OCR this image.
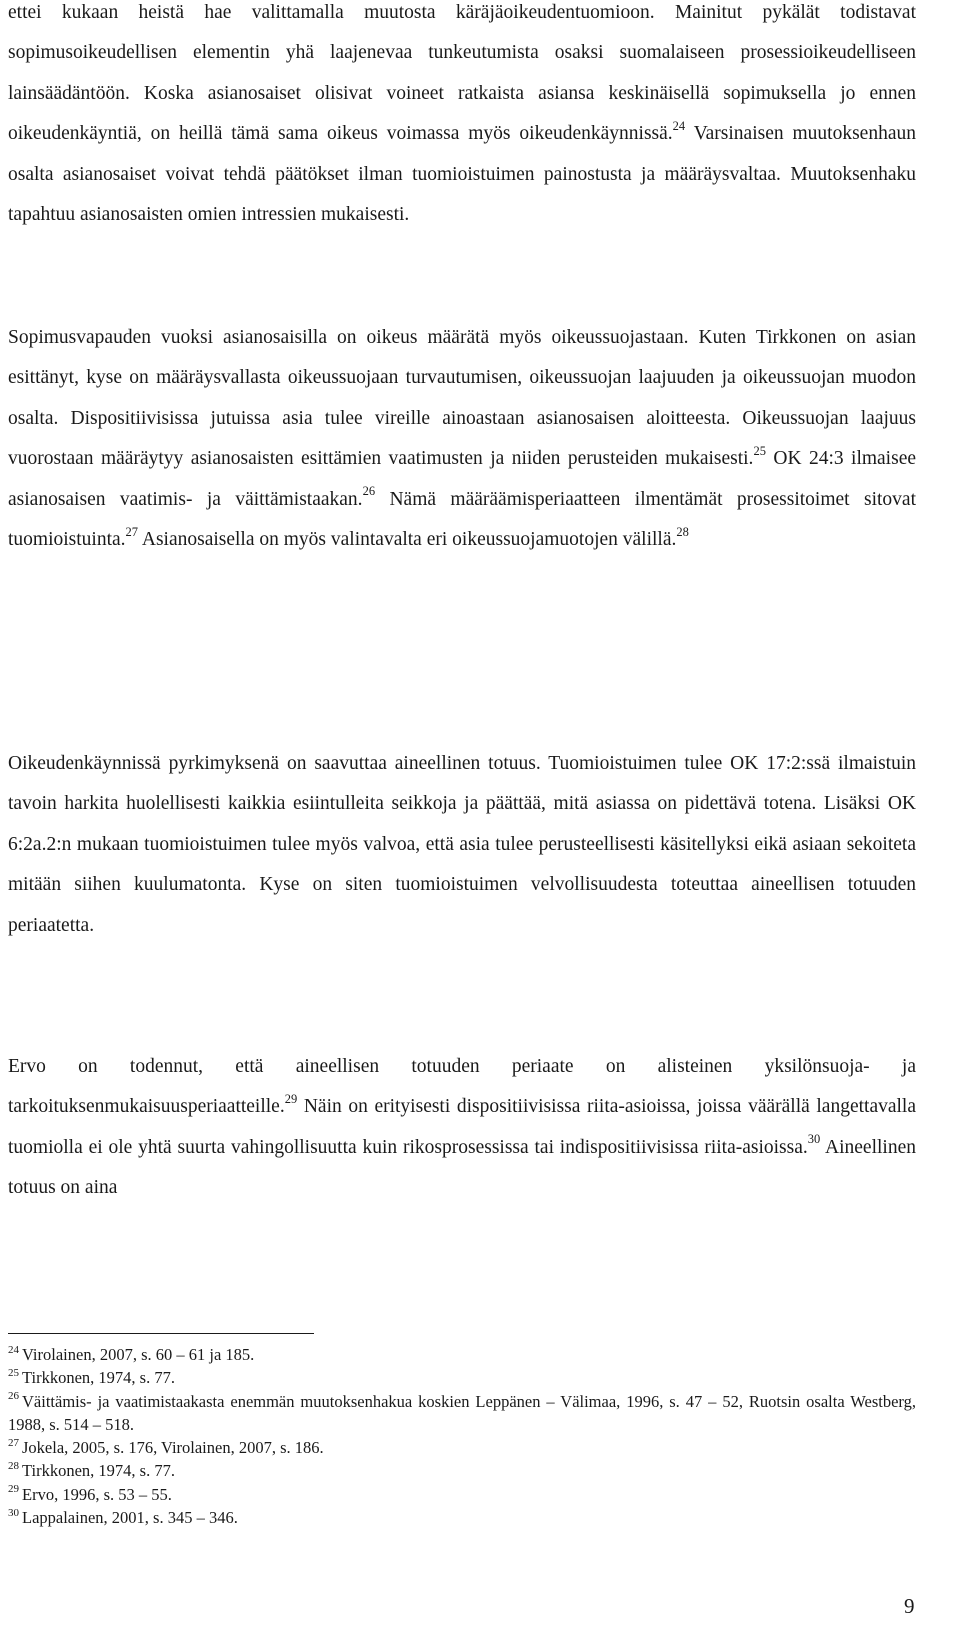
ettei kukaan heistä hae valittamalla muutosta käräjäoikeudentuomioon. Mainitut pykälät todistavat sopimusoikeudellisen elementin yhä laajenevaa tunkeutumista osaksi suomalaiseen prosessioikeudelliseen lainsäädäntöön. Koska asianosaiset olisivat voineet ratkaista asiansa keskinäisellä sopimuksella jo ennen oikeudenkäyntiä, on heillä tämä sama oikeus voimassa myös oikeudenkäynnissä.$^{24}$ Varsinaisen muutoksenhaun osalta asianosaiset voivat tehdä päätökset ilman tuomioistuimen painostusta ja määräysvaltaa. Muutoksenhaku tapahtuu asianosaisten omien intressien mukaisesti.

Sopimusvapauden vuoksi asianosaisilla on oikeus määrätä myös oikeussuojastaan. Kuten Tirkkonen on asian esittänyt, kyse on määräysvallasta oikeussuojaan turvautumisen, oikeussuojan laajuuden ja oikeussuojan muodon osalta. Dispositiivisissa jutuissa asia tulee vireille ainoastaan asianosaisen aloitteesta. Oikeussuojan laajuus vuorostaan määräytyy asianosaisten esittämien vaatimusten ja niiden perusteiden mukaisesti.$^{25}$ OK 24:3 ilmaisee asianosaisen vaatimis- ja väittämistaakan.$^{26}$ Nämä määräämisperiaatteen ilmentämät prosessitoimet sitovat tuomioistuinta.$^{27}$ Asianosaisella on myös valintavalta eri oikeussuojamuotojen välillä.$^{28}$

Oikeudenkäynnissä pyrkimyksenä on saavuttaa aineellinen totuus. Tuomioistuimen tulee OK 17:2:ssä ilmaistuin tavoin harkita huolellisesti kaikkia esiintulleita seikkoja ja päättää, mitä asiassa on pidettävä totena. Lisäksi OK 6:2a.2:n mukaan tuomioistuimen tulee myös valvoa, että asia tulee perusteellisesti käsitellyksi eikä asiaan sekoiteta mitään siihen kuulumatonta. Kyse on siten tuomioistuimen velvollisuudesta toteuttaa aineellisen totuuden periaatetta.

Ervo on todennut, että aineellisen totuuden periaate on alisteinen yksilönsuoja- ja tarkoituksenmukaisuusperiaatteille.$^{29}$ Näin on erityisesti dispositiivisissa riita-asioissa, joissa väärällä langettavalla tuomiolla ei ole yhtä suurta vahingollisuutta kuin rikosprosessissa tai indispositiivisissa riita-asioissa.$^{30}$ Aineellinen totuus on aina

$^{24}$ Virolainen, 2007, s. 60 – 61 ja 185.

$^{25}$ Tirkkonen, 1974, s. 77.

$^{26}$ Väittämis- ja vaatimistaakasta enemmän muutoksenhakua koskien Leppänen – Välimaa, 1996, s. 47 – 52, Ruotsin osalta Westberg, 1988, s. 514 – 518.

$^{27}$ Jokela, 2005, s. 176, Virolainen, 2007, s. 186.

$^{28}$ Tirkkonen, 1974, s. 77.

$^{29}$ Ervo, 1996, s. 53 – 55.

$^{30}$ Lappalainen, 2001, s. 345 – 346.

9
